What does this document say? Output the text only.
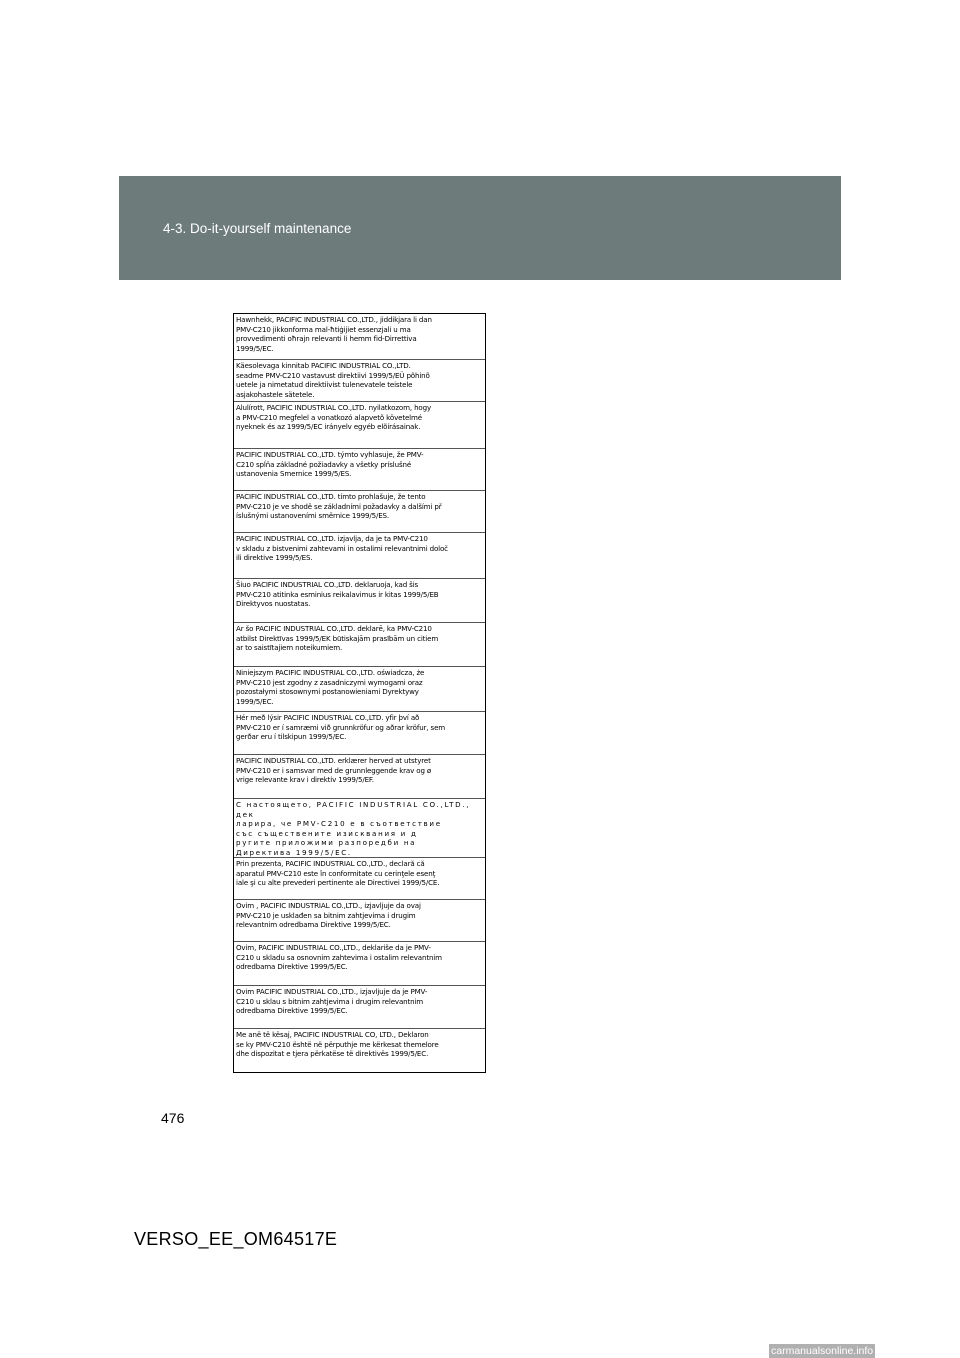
4-3. Do-it-yourself maintenance
Hawnhekk, PACIFIC INDUSTRIAL CO.,LTD., jiddikjara li dan
PMV-C210 jikkonforma mal-ħtiġijiet essenzjali u ma
provvedimenti oħrajn relevanti li hemm fid-Dirrettiva
1999/5/EC.
Käesolevaga kinnitab PACIFIC INDUSTRIAL CO.,LTD.
seadme PMV-C210 vastavust direktiivi 1999/5/EÜ põhinõ
uetele ja nimetatud direktiivist tulenevatele teistele
asjakohastele sätetele.
Alulírott, PACIFIC INDUSTRIAL CO.,LTD. nyilatkozom, hogy
a PMV-C210 megfelel a vonatkozó alapvetõ követelmé
nyeknek és az 1999/5/EC irányelv egyéb elõírásainak.
PACIFIC INDUSTRIAL CO.,LTD. týmto vyhlasuje, že PMV-
C210 spĺňa základné požiadavky a všetky príslušné
ustanovenia Smernice 1999/5/ES.
PACIFIC INDUSTRIAL CO.,LTD. tímto prohlašuje, že tento
PMV-C210 je ve shodě se základními požadavky a dalšími př
íslušnými ustanoveními směrnice 1999/5/ES.
PACIFIC INDUSTRIAL CO.,LTD. izjavlja, da je ta PMV-C210
v skladu z bistvenimi zahtevami in ostalimi relevantnimi določ
ili direktive 1999/5/ES.
Šiuo PACIFIC INDUSTRIAL CO.,LTD. deklaruoja, kad šis
PMV-C210 atitinka esminius reikalavimus ir kitas 1999/5/EB
Direktyvos nuostatas.
Ar šo PACIFIC INDUSTRIAL CO.,LTD. deklarē, ka PMV-C210
atbilst Direktīvas 1999/5/EK būtiskajām prasībām un citiem
ar to saistītajiem noteikumiem.
Niniejszym PACIFIC INDUSTRIAL CO.,LTD. oświadcza, że
PMV-C210 jest zgodny z zasadniczymi wymogami oraz
pozostałymi stosownymi postanowieniami Dyrektywy
1999/5/EC.
Hér með lýsir PACIFIC INDUSTRIAL CO.,LTD. yfir því að
PMV-C210 er í samræmi við grunnkröfur og aðrar kröfur, sem
gerðar eru í tilskipun 1999/5/EC.
PACIFIC INDUSTRIAL CO.,LTD. erklærer herved at utstyret
PMV-C210 er i samsvar med de grunnleggende krav og ø
vrige relevante krav i direktiv 1999/5/EF.
С настоящето, PACIFIC INDUSTRIAL CO.,LTD., дек
ларира, че PMV-C210 е в съответствие
със съществените изисквания и д
ругите приложими разпоредби на
Директива 1999/5/ЕС.
Prin prezenta, PACIFIC INDUSTRIAL CO.,LTD., declară că
aparatul PMV-C210 este în conformitate cu cerinţele esenţ
iale şi cu alte prevederi pertinente ale Directivei 1999/5/CE.
Ovim , PACIFIC INDUSTRIAL CO.,LTD., izjavljuje da ovaj
PMV-C210 je usklađen sa bitnim zahtjevima i drugim
relevantnim odredbama Direktive 1999/5/EC.
Ovim, PACIFIC INDUSTRIAL CO.,LTD., deklariše da je PMV-
C210 u skladu sa osnovnim zahtevima i ostalim relevantnim
odredbama Direktive 1999/5/EC.
Ovim PACIFIC INDUSTRIAL CO.,LTD., izjavljuje da je PMV-
C210 u sklau s bitnim zahtjevima i drugim relevantnim
odredbama Direktive 1999/5/EC.
Me anë të kësaj, PACIFIC INDUSTRIAL CO, LTD., Deklaron
se ky PMV-C210 është në përputhje me kërkesat themelore
dhe dispozitat e tjera përkatëse të direktivës 1999/5/EC.
476
VERSO_EE_OM64517E
carmanualsonline.info
